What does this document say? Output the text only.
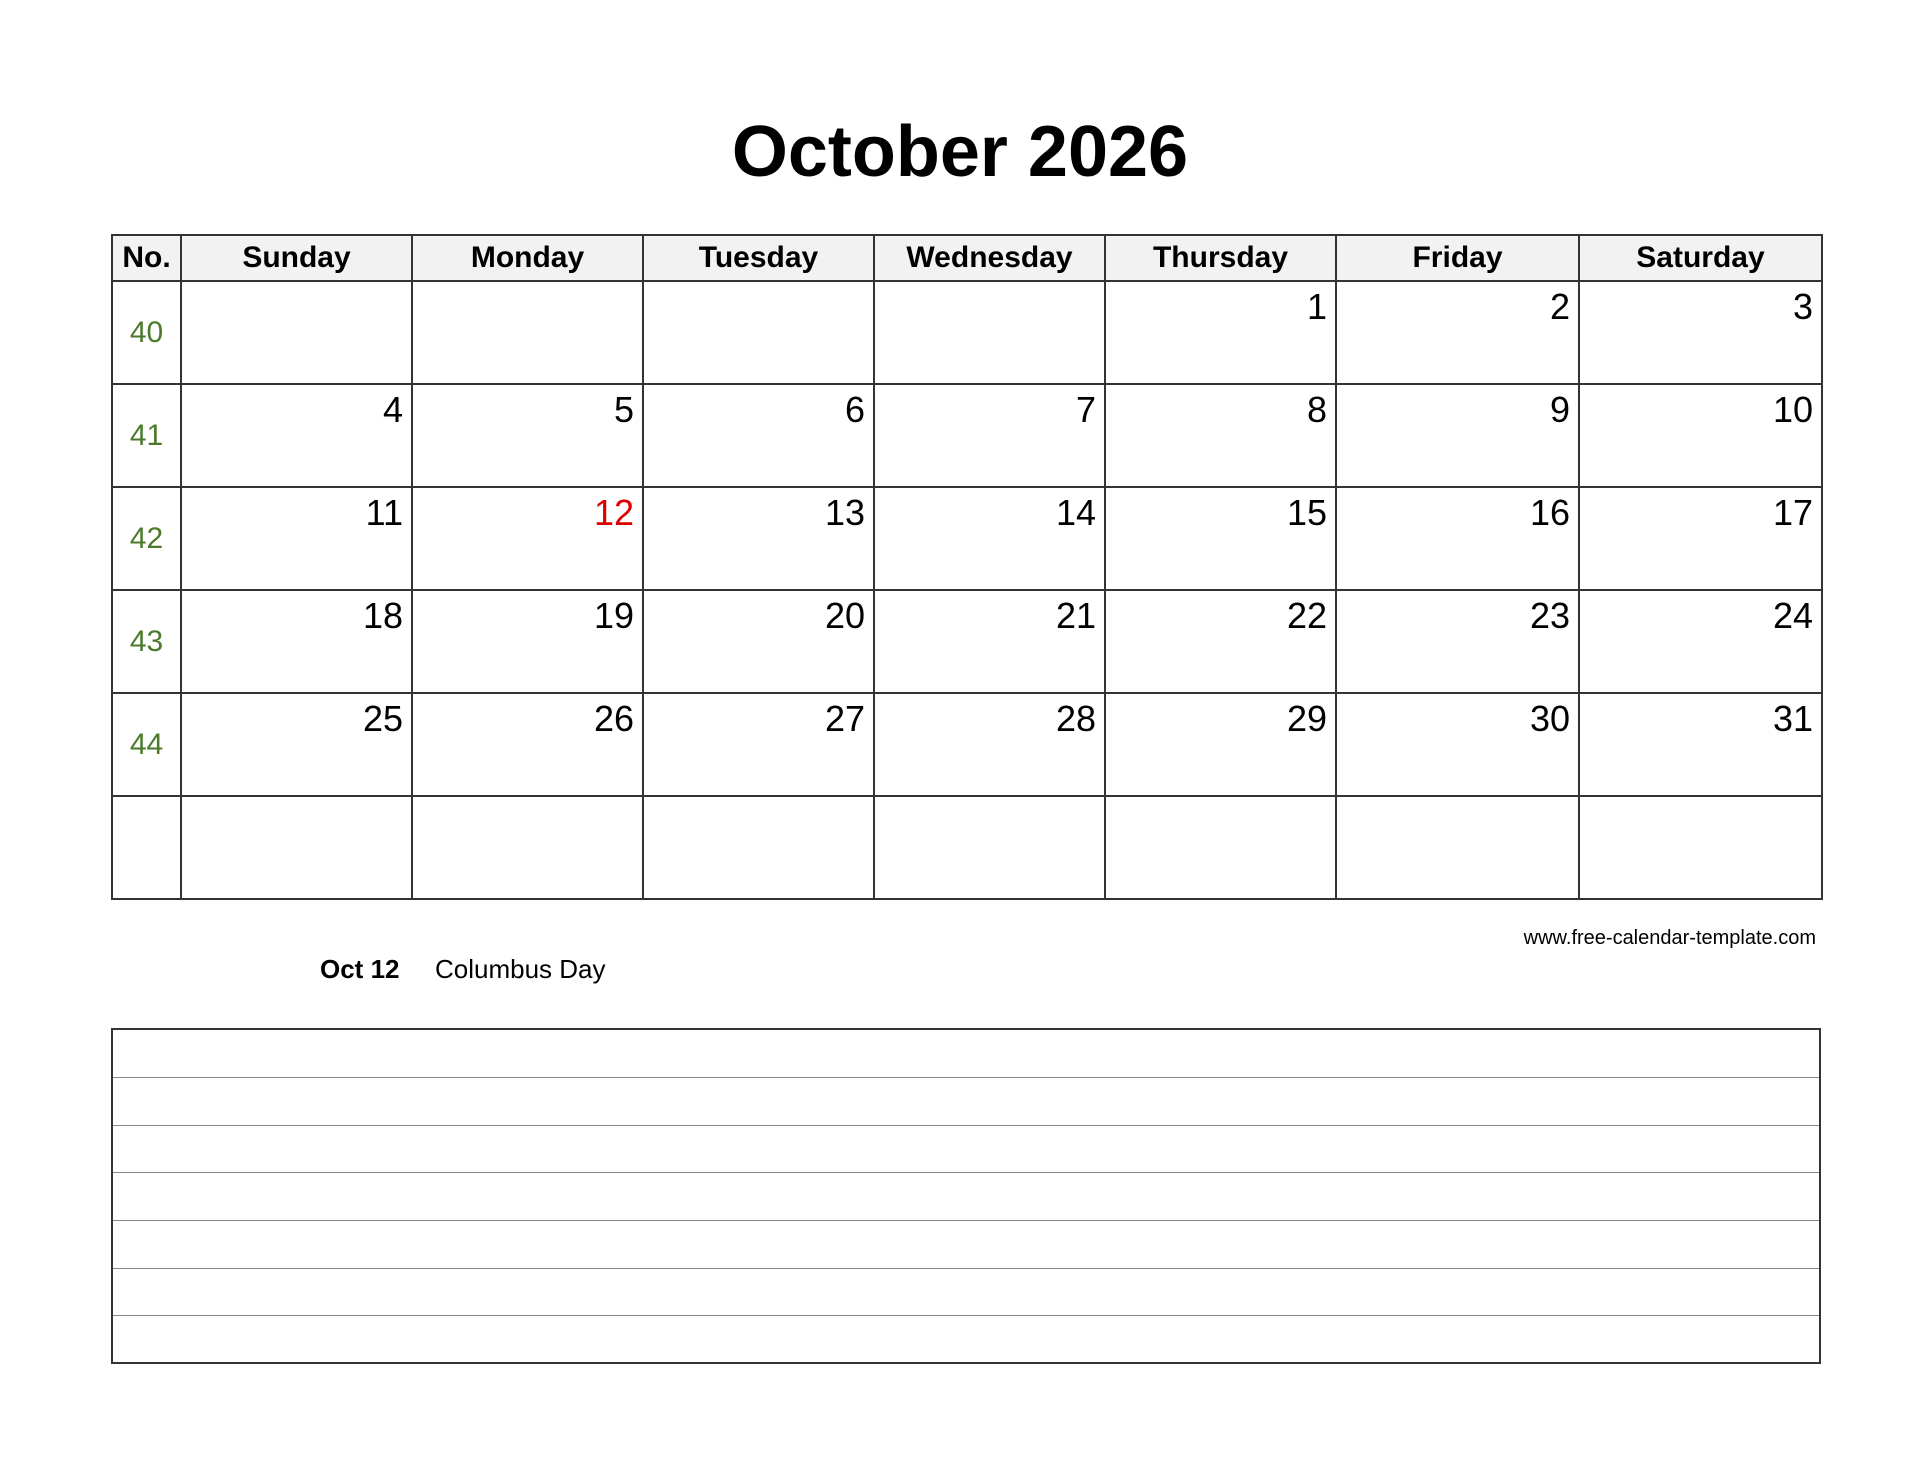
October 2026
No.	Sunday	Monday	Tuesday	Wednesday	Thursday	Friday	Saturday
40					1	2	3
41	4	5	6	7	8	9	10
42	11	12	13	14	15	16	17
43	18	19	20	21	22	23	24
44	25	26	27	28	29	30	31

www.free-calendar-template.com
Oct 12 Columbus Day
